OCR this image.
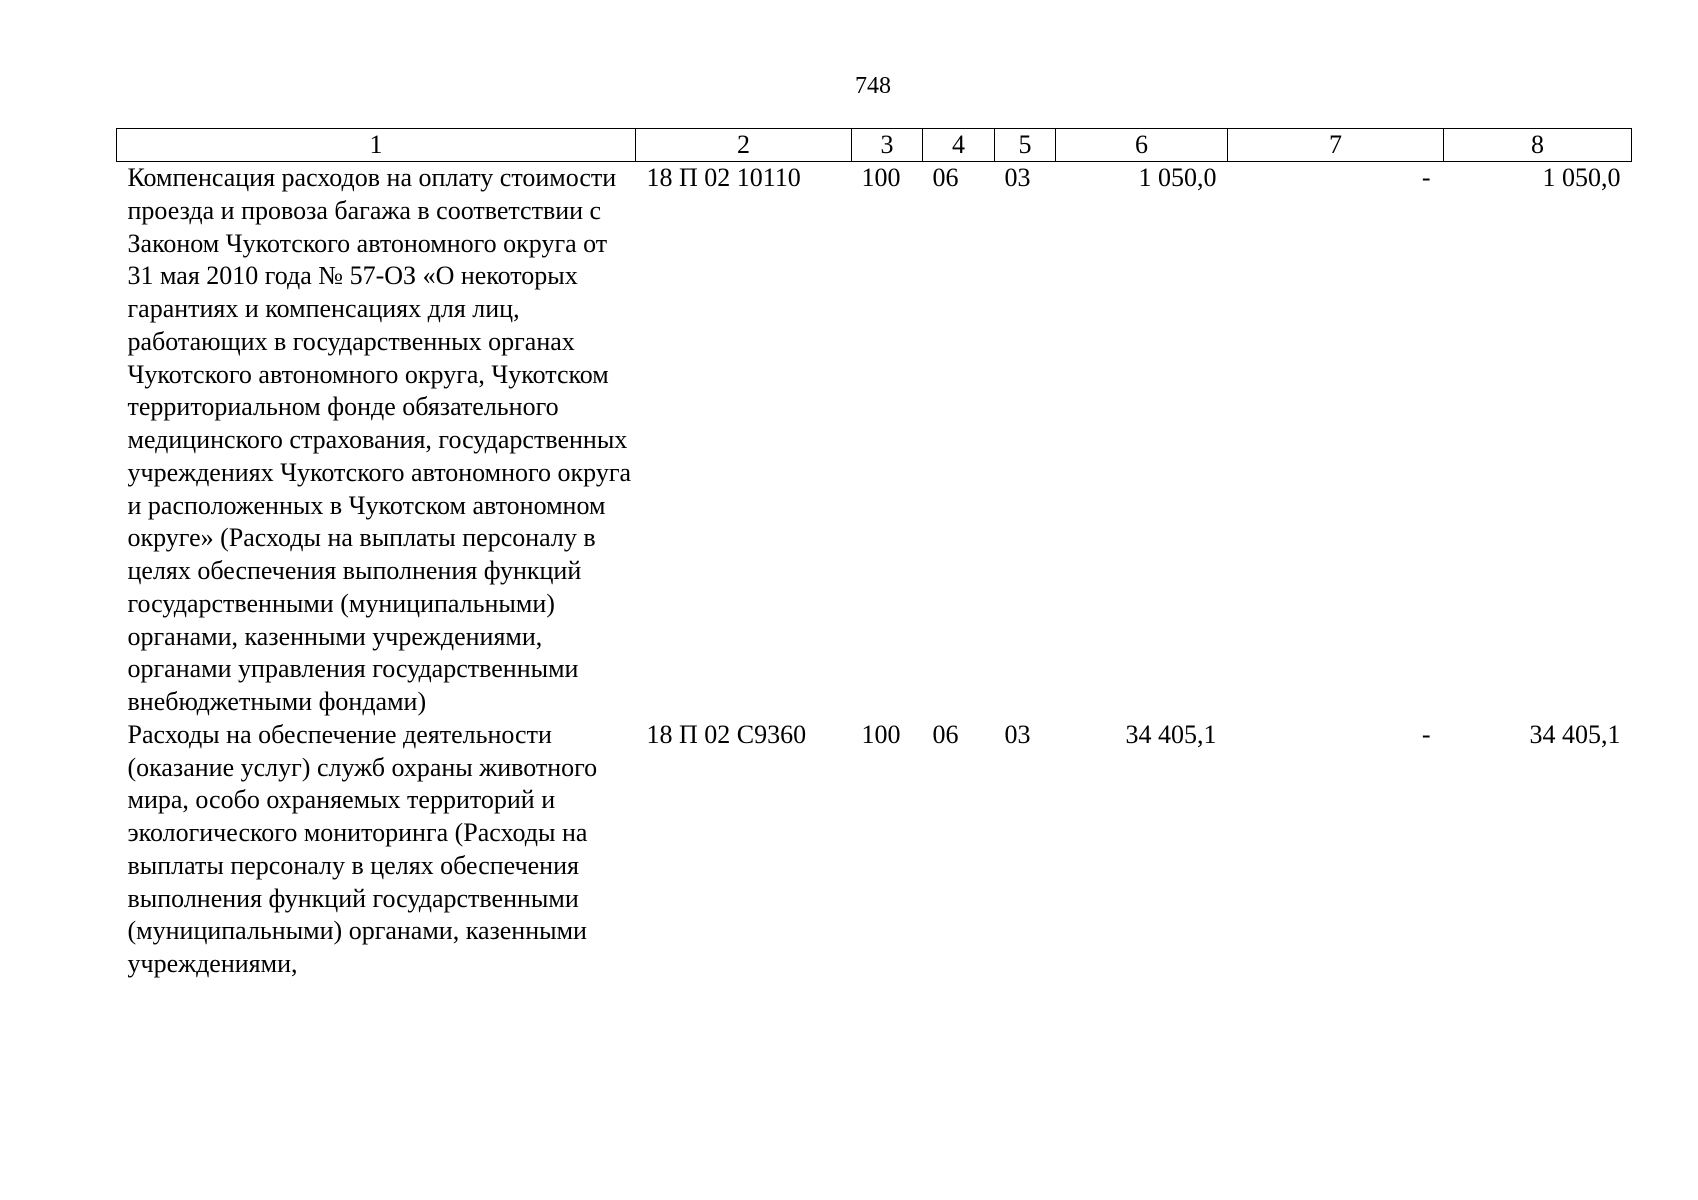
748
1	2	3	4	5	6	7	8
Компенсация расходов на оплату стоимости проезда и провоза багажа в соответствии с Законом Чукотского автономного округа от 31 мая 2010 года № 57-ОЗ «О некоторых гарантиях и компенсациях для лиц, работающих в государственных органах Чукотского автономного округа, Чукотском территориальном фонде обязательного медицинского страхования, государственных учреждениях Чукотского автономного округа и расположенных в Чукотском автономном округе» (Расходы на выплаты персоналу в целях обеспечения выполнения функций государственными (муниципальными) органами, казенными учреждениями, органами управления государственными внебюджетными фондами)	18 П 02 10110	100	06	03	1 050,0	-	1 050,0
Расходы на обеспечение деятельности (оказание услуг) служб охраны животного мира, особо охраняемых территорий и экологического мониторинга (Расходы на выплаты персоналу в целях обеспечения выполнения функций государственными (муниципальными) органами, казенными учреждениями,	18 П 02 С9360	100	06	03	34 405,1	-	34 405,1
